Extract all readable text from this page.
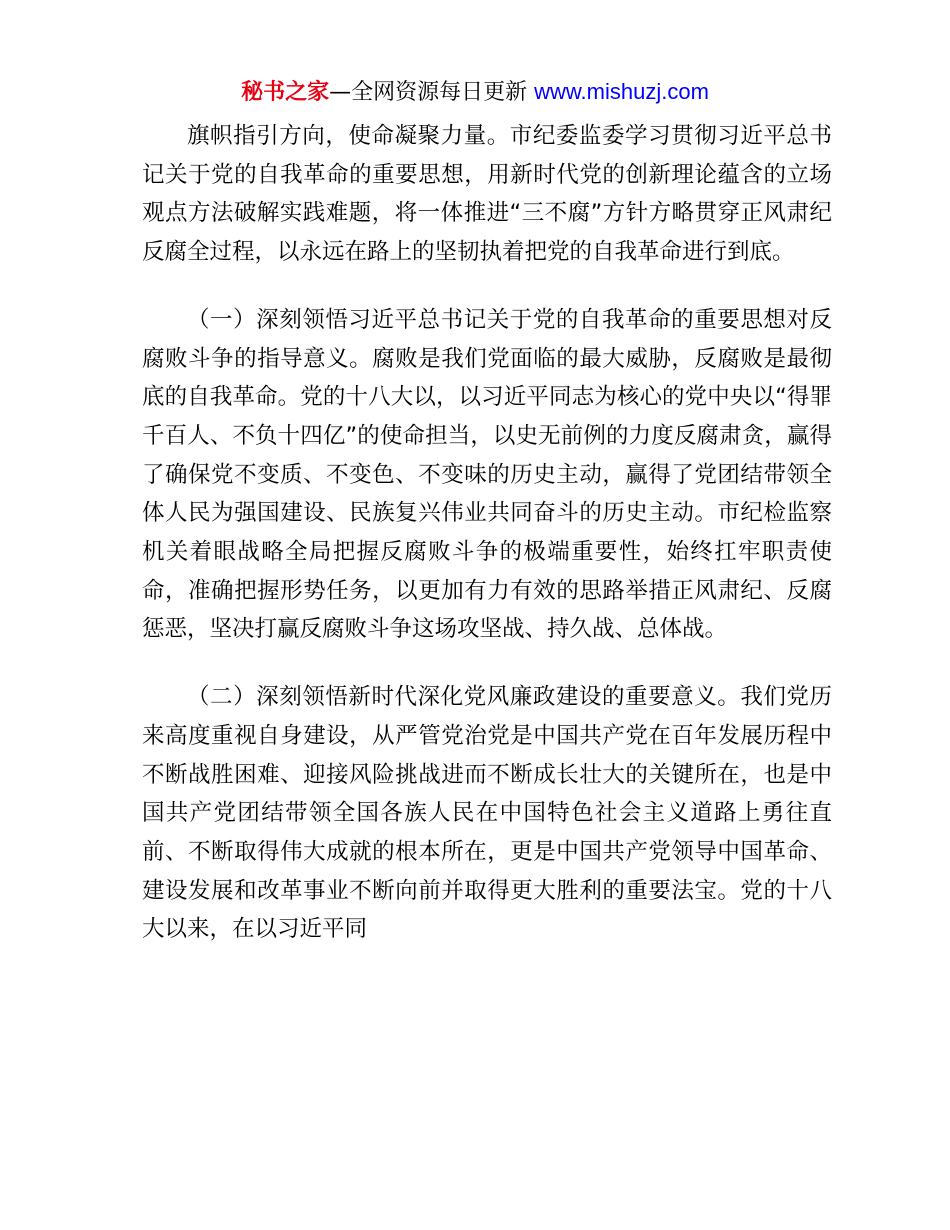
秘书之家—全网资源每日更新 www.mishuzj.com

旗帜指引方向，使命凝聚力量。市纪委监委学习贯彻习近平总书记关于党的自我革命的重要思想，用新时代党的创新理论蕴含的立场观点方法破解实践难题，将一体推进“三不腐”方针方略贯穿正风肃纪反腐全过程，以永远在路上的坚韧执着把党的自我革命进行到底。

（一）深刻领悟习近平总书记关于党的自我革命的重要思想对反腐败斗争的指导意义。腐败是我们党面临的最大威胁，反腐败是最彻底的自我革命。党的十八大以，以习近平同志为核心的党中央以“得罪千百人、不负十四亿”的使命担当，以史无前例的力度反腐肃贪，赢得了确保党不变质、不变色、不变味的历史主动，赢得了党团结带领全体人民为强国建设、民族复兴伟业共同奋斗的历史主动。市纪检监察机关着眼战略全局把握反腐败斗争的极端重要性，始终扛牢职责使命，准确把握形势任务，以更加有力有效的思路举措正风肃纪、反腐惩恶，坚决打赢反腐败斗争这场攻坚战、持久战、总体战。

（二）深刻领悟新时代深化党风廉政建设的重要意义。我们党历来高度重视自身建设，从严管党治党是中国共产党在百年发展历程中不断战胜困难、迎接风险挑战进而不断成长壮大的关键所在，也是中国共产党团结带领全国各族人民在中国特色社会主义道路上勇往直前、不断取得伟大成就的根本所在，更是中国共产党领导中国革命、建设发展和改革事业不断向前并取得更大胜利的重要法宝。党的十八大以来，在以习近平同
